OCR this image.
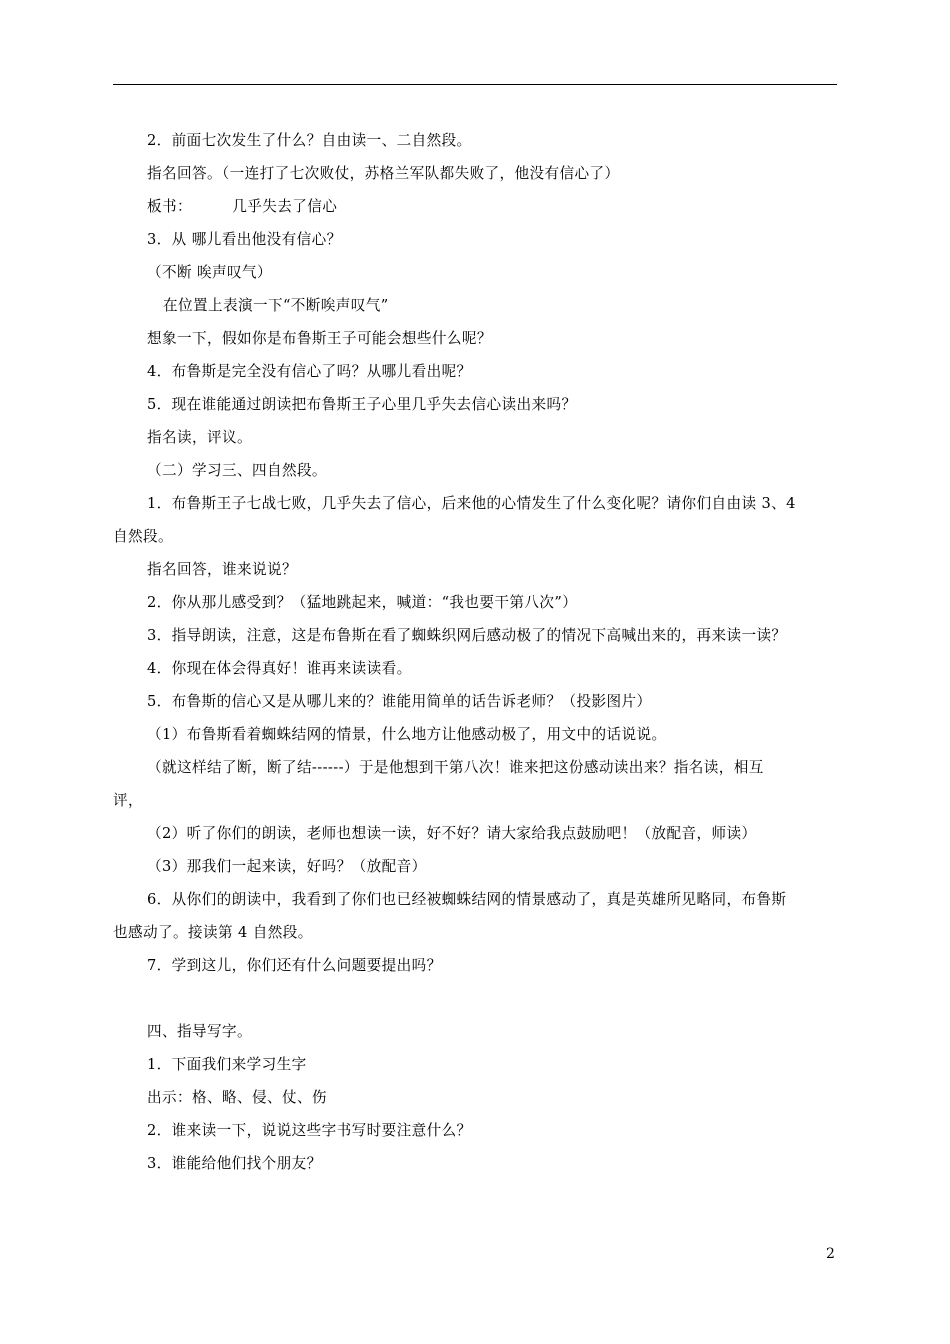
2．前面七次发生了什么？自由读一、二自然段。
指名回答。（一连打了七次败仗，苏格兰军队都失败了，他没有信心了）
板书：        几乎失去了信心
3．从 哪儿看出他没有信心？
（不断 唉声叹气）
在位置上表演一下“不断唉声叹气”
想象一下，假如你是布鲁斯王子可能会想些什么呢？
4．布鲁斯是完全没有信心了吗？从哪儿看出呢？
5．现在谁能通过朗读把布鲁斯王子心里几乎失去信心读出来吗？
指名读，评议。
（二）学习三、四自然段。
1．布鲁斯王子七战七败，几乎失去了信心，后来他的心情发生了什么变化呢？请你们自由读 3、4
自然段。
指名回答，谁来说说？
2．你从那儿感受到？（猛地跳起来，喊道：“我也要干第八次”）
3．指导朗读，注意，这是布鲁斯在看了蜘蛛织网后感动极了的情况下高喊出来的，再来读一读？
4．你现在体会得真好！谁再来读读看。
5．布鲁斯的信心又是从哪儿来的？谁能用简单的话告诉老师？（投影图片）
（1）布鲁斯看着蜘蛛结网的情景，什么地方让他感动极了，用文中的话说说。
（就这样结了断，断了结------）于是他想到干第八次！谁来把这份感动读出来？指名读，相互
评，
（2）听了你们的朗读，老师也想读一读，好不好？请大家给我点鼓励吧！（放配音，师读）
（3）那我们一起来读，好吗？（放配音）
6．从你们的朗读中，我看到了你们也已经被蜘蛛结网的情景感动了，真是英雄所见略同，布鲁斯
也感动了。接读第 4 自然段。
7．学到这儿，你们还有什么问题要提出吗？
四、指导写字。
1．下面我们来学习生字
出示：格、略、侵、仗、伤
2．谁来读一下，说说这些字书写时要注意什么？
3．谁能给他们找个朋友？
2
